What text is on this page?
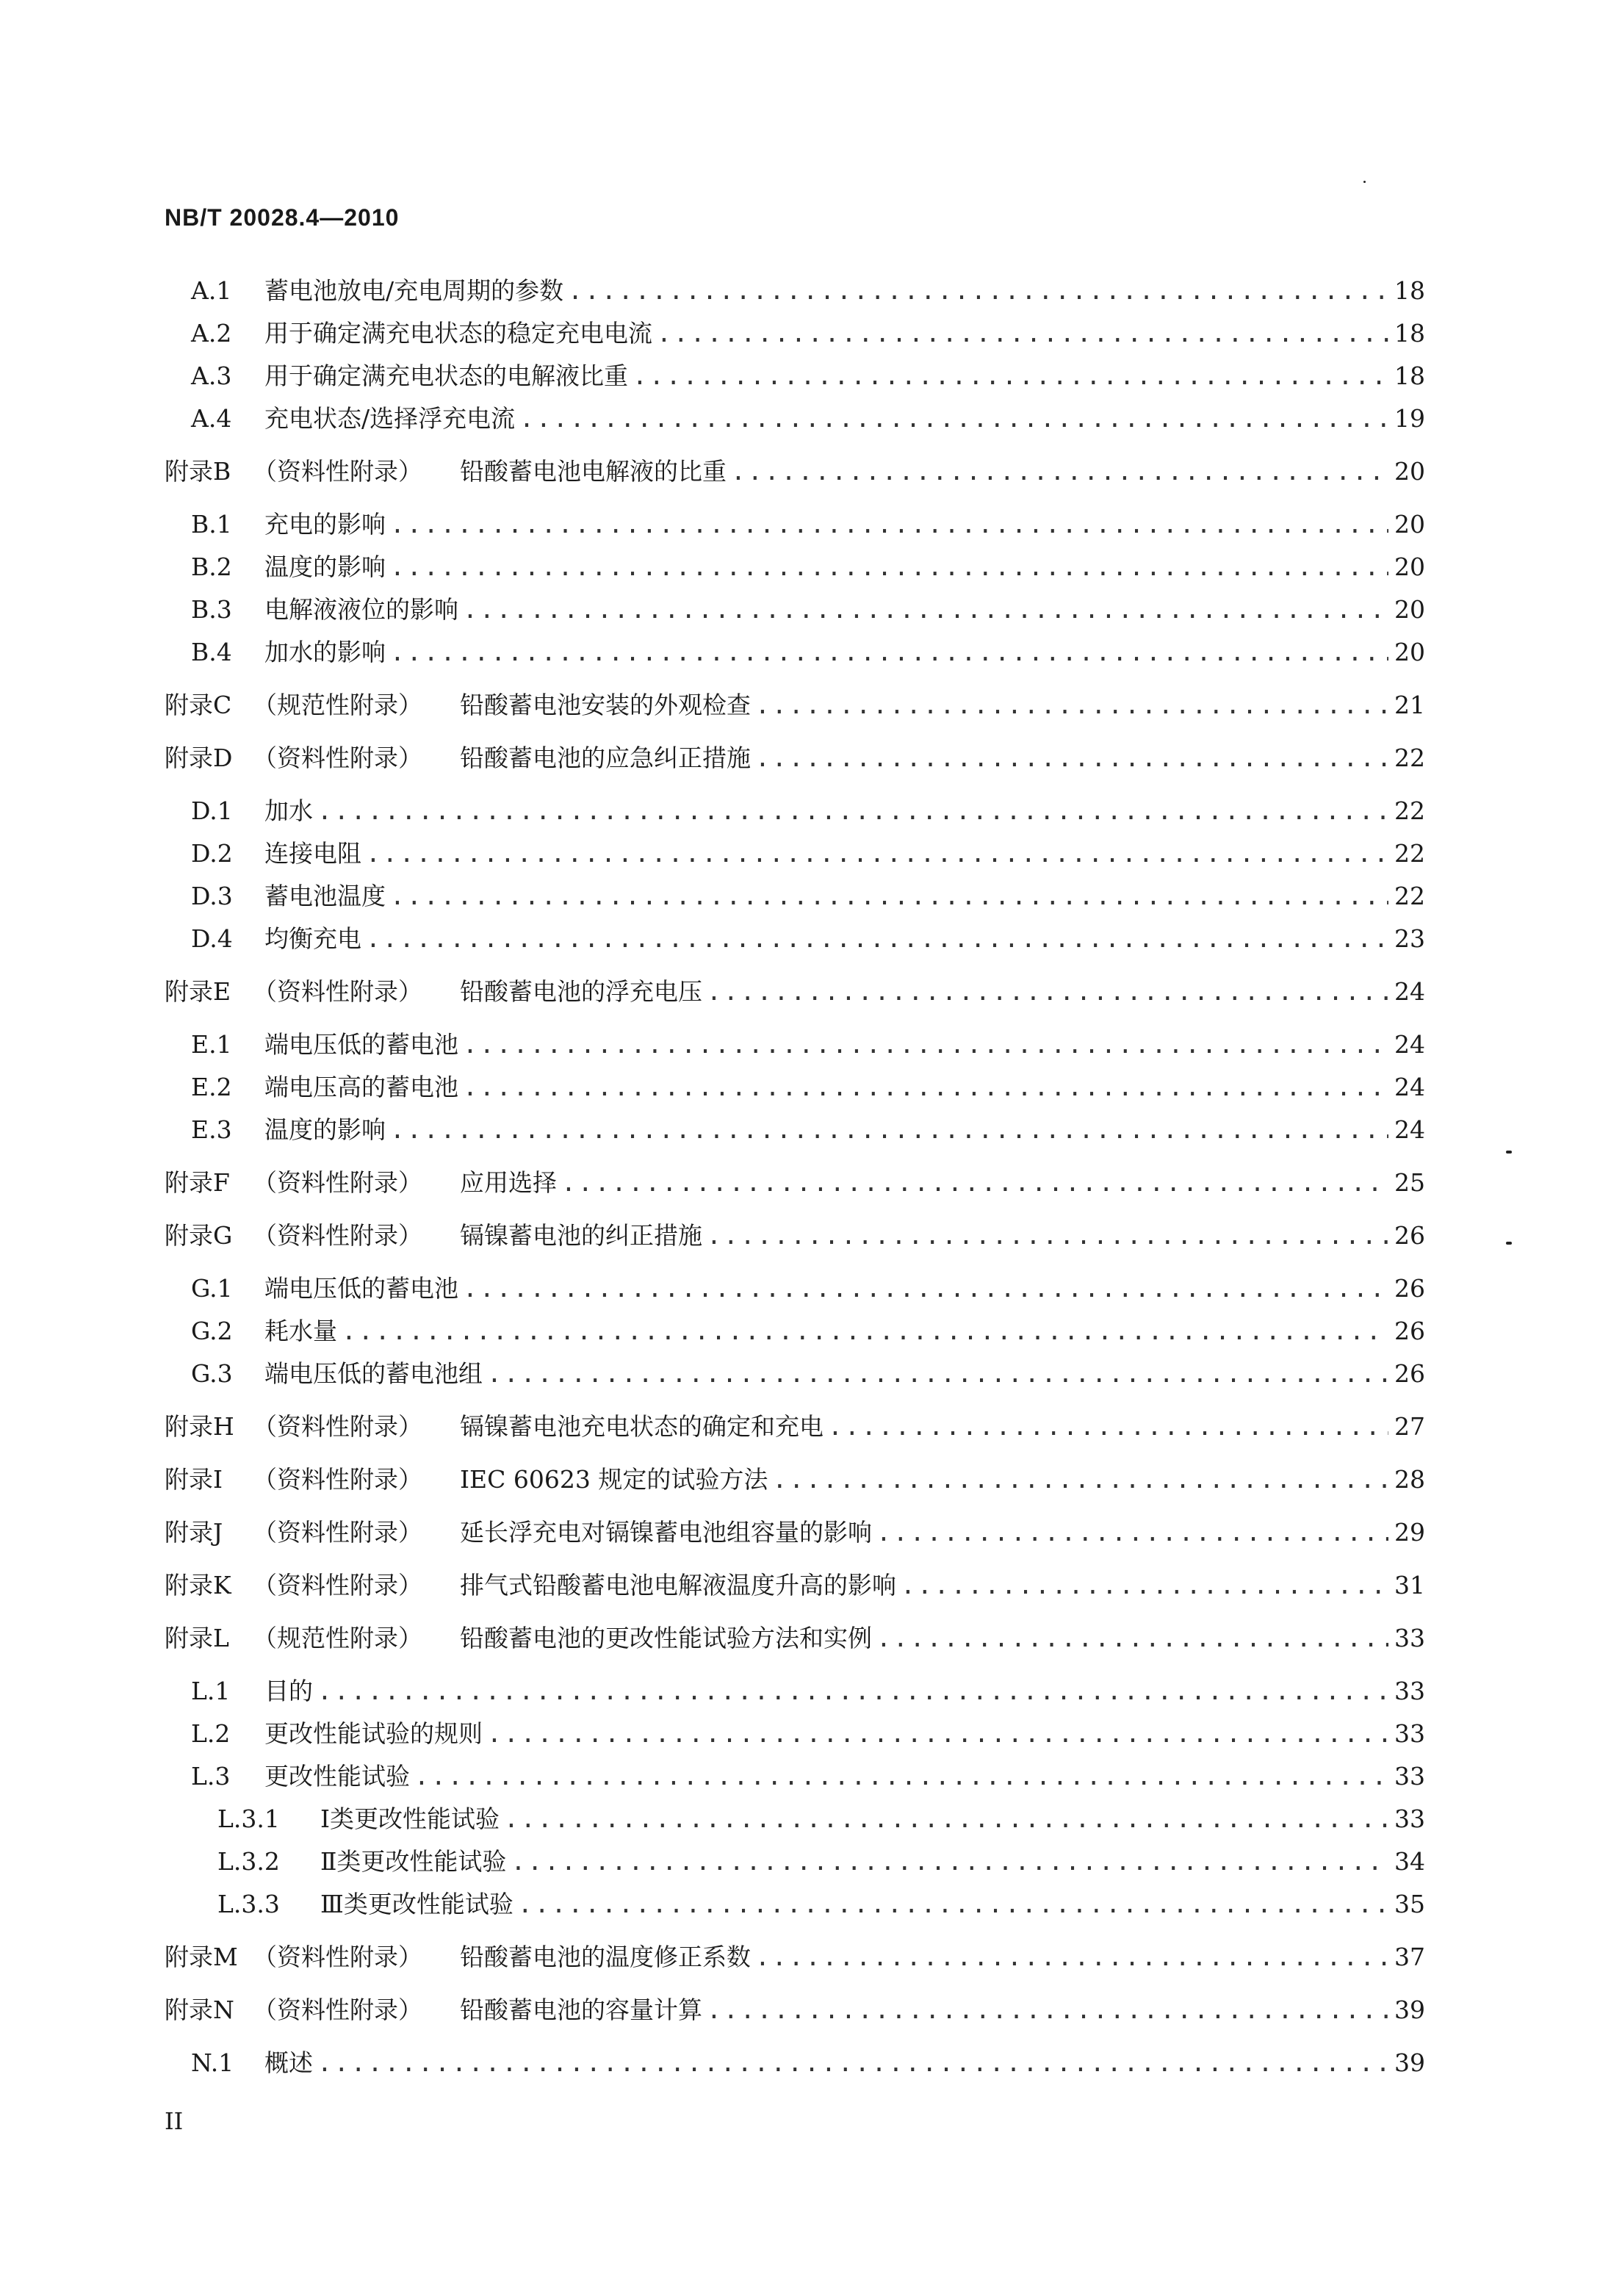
NB/T 20028.4—2010
A.1	蓄电池放电/充电周期的参数 .....	18
A.2	用于确定满充电状态的稳定充电电流 .....	18
A.3	用于确定满充电状态的电解液比重 .....	18
A.4	充电状态/选择浮充电流 .....	19
附录B （资料性附录）	铅酸蓄电池电解液的比重 .....	20
B.1	充电的影响 .....	20
B.2	温度的影响 .....	20
B.3	电解液液位的影响 .....	20
B.4	加水的影响 .....	20
附录C （规范性附录）	铅酸蓄电池安装的外观检查 .....	21
附录D （资料性附录）	铅酸蓄电池的应急纠正措施 .....	22
D.1	加水 .....	22
D.2	连接电阻 .....	22
D.3	蓄电池温度 .....	22
D.4	均衡充电 .....	23
附录E （资料性附录）	铅酸蓄电池的浮充电压 .....	24
E.1	端电压低的蓄电池 .....	24
E.2	端电压高的蓄电池 .....	24
E.3	温度的影响 .....	24
附录F （资料性附录）	应用选择 .....	25
附录G （资料性附录）	镉镍蓄电池的纠正措施 .....	26
G.1	端电压低的蓄电池 .....	26
G.2	耗水量 .....	26
G.3	端电压低的蓄电池组 .....	26
附录H （资料性附录）	镉镍蓄电池充电状态的确定和充电 .....	27
附录I	（资料性附录）	IEC 60623 规定的试验方法 .....	28
附录J	（资料性附录）	延长浮充电对镉镍蓄电池组容量的影响 .....	29
附录K （资料性附录）	排气式铅酸蓄电池电解液温度升高的影响 .....	31
附录L （规范性附录）	铅酸蓄电池的更改性能试验方法和实例 .....	33
L.1	目的 .....	33
L.2	更改性能试验的规则 .....	33
L.3	更改性能试验 .....	33
L.3.1	Ⅰ类更改性能试验 .....	33
L.3.2	Ⅱ类更改性能试验 .....	34
L.3.3	Ⅲ类更改性能试验 .....	35
附录M （资料性附录）	铅酸蓄电池的温度修正系数 .....	37
附录N （资料性附录）	铅酸蓄电池的容量计算 .....	39
N.1	概述 .....	39
II
